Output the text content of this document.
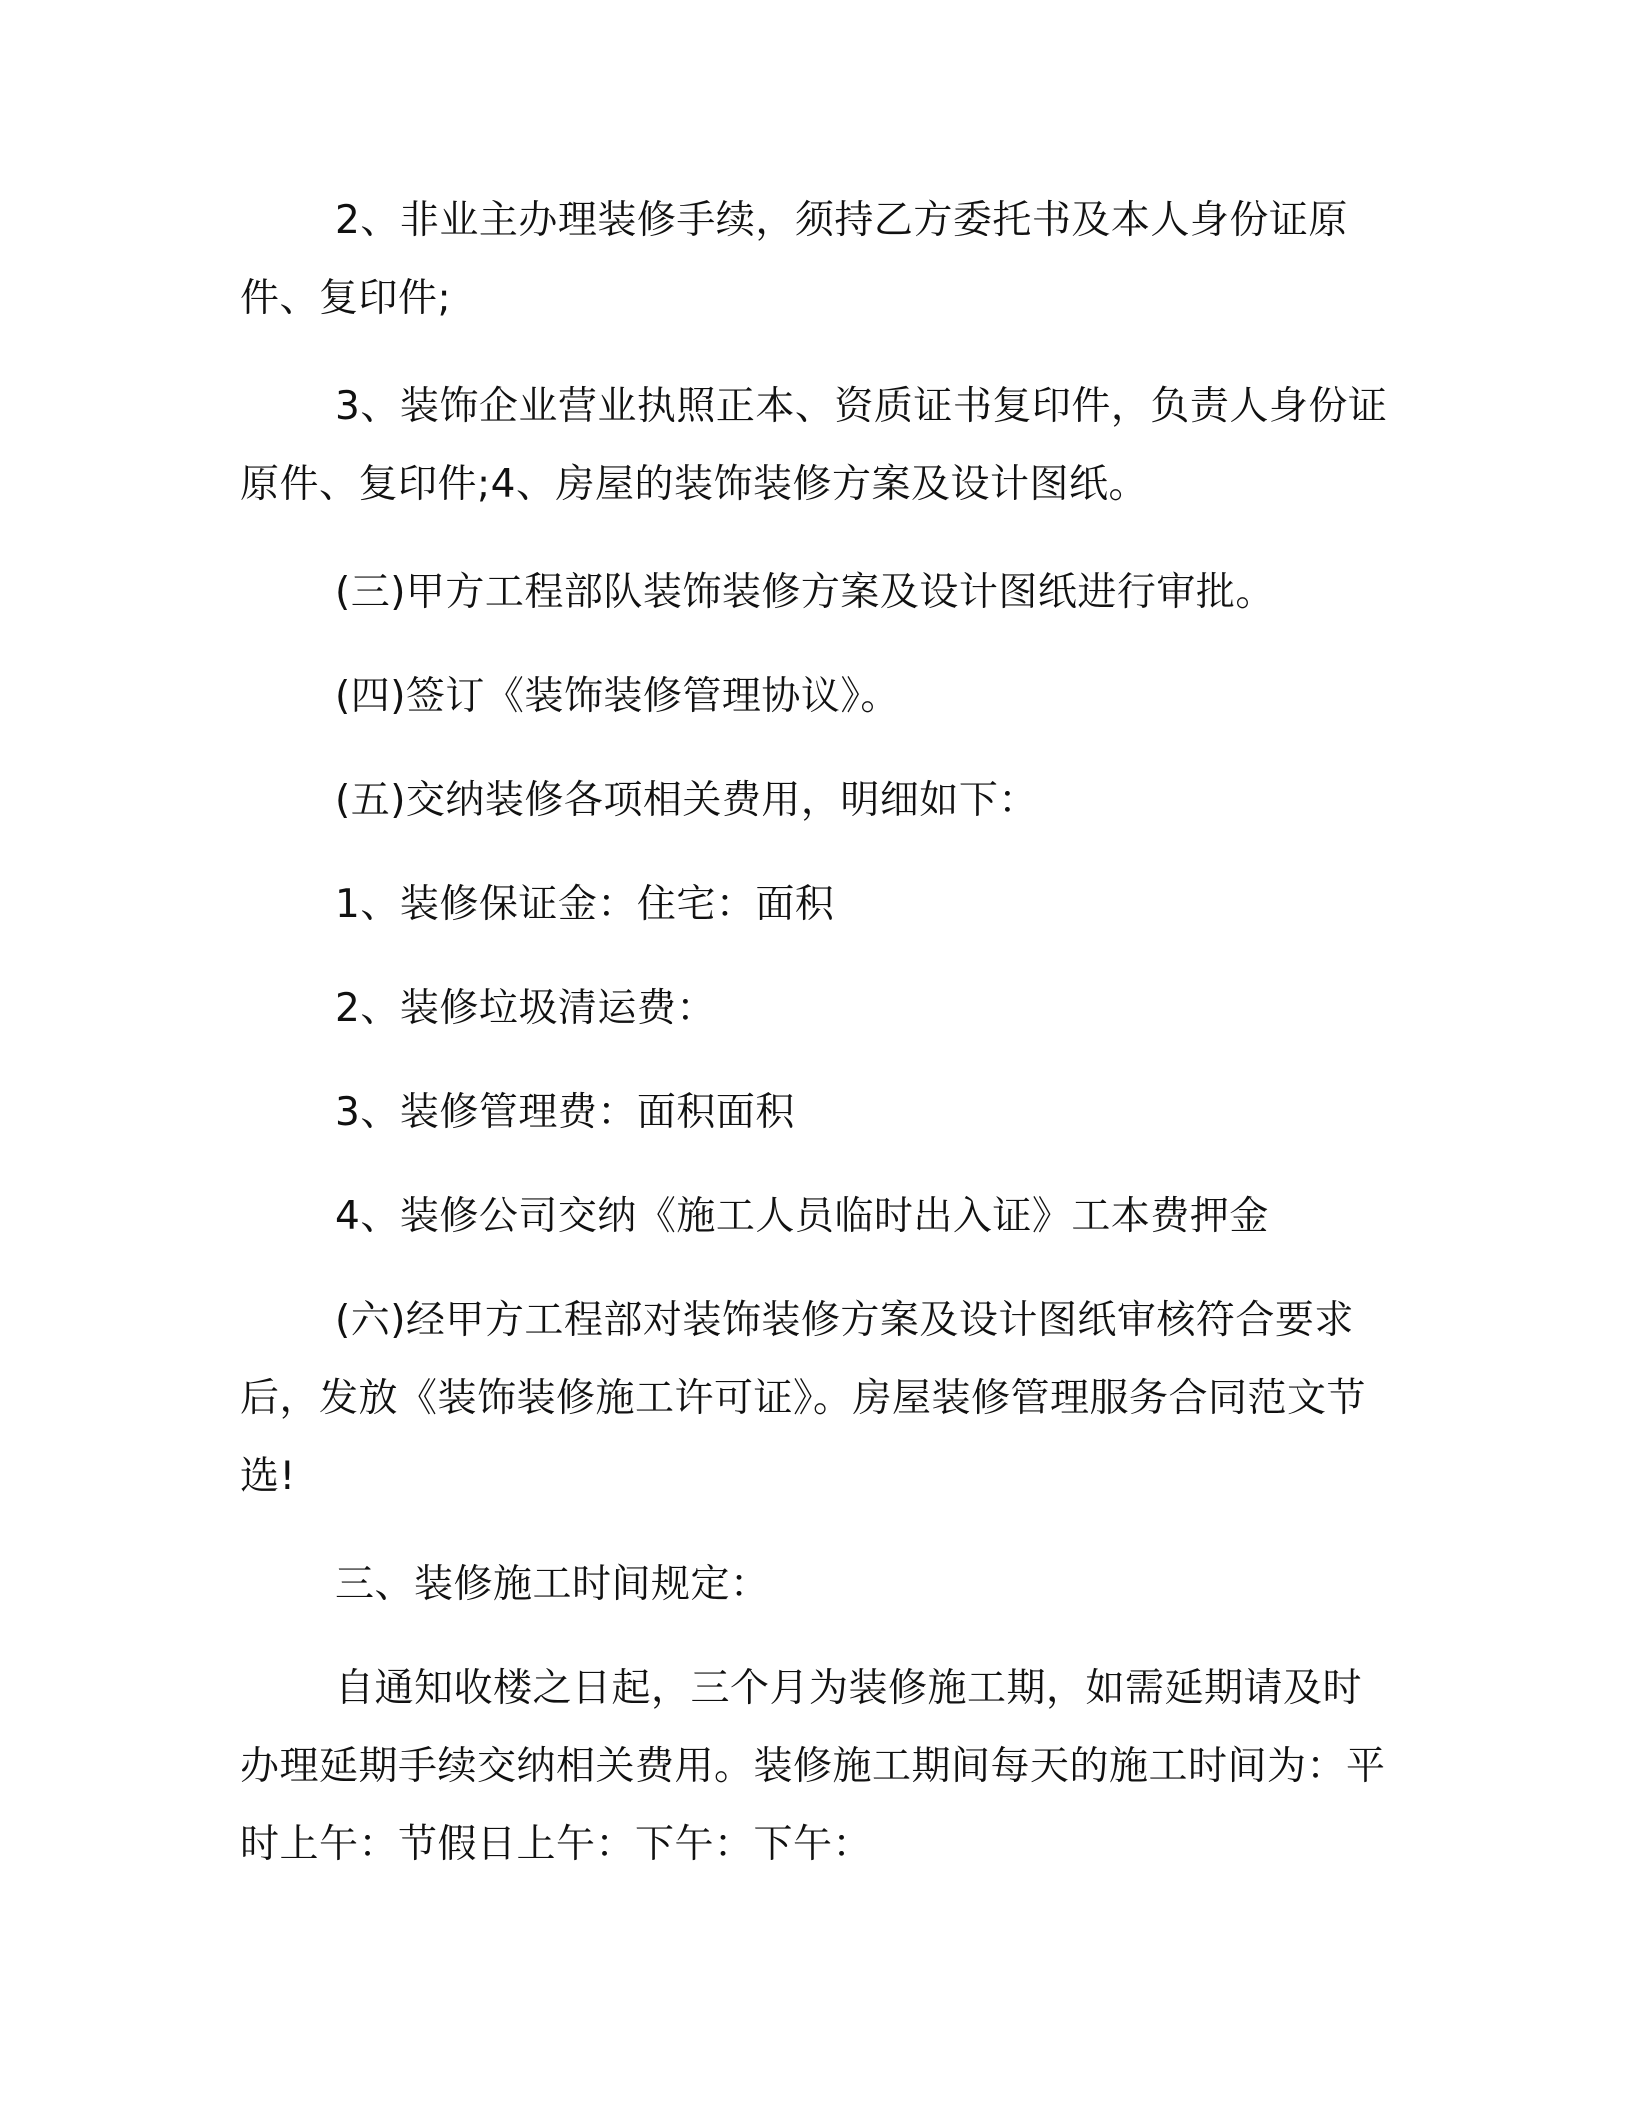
2、非业主办理装修手续，须持乙方委托书及本人身份证原件、复印件;

3、装饰企业营业执照正本、资质证书复印件，负责人身份证原件、复印件;4、房屋的装饰装修方案及设计图纸。

(三)甲方工程部队装饰装修方案及设计图纸进行审批。

(四)签订《装饰装修管理协议》。

(五)交纳装修各项相关费用，明细如下：

1、装修保证金：住宅：面积

2、装修垃圾清运费：

3、装修管理费：面积面积

4、装修公司交纳《施工人员临时出入证》工本费押金

(六)经甲方工程部对装饰装修方案及设计图纸审核符合要求后，发放《装饰装修施工许可证》。房屋装修管理服务合同范文节选!

三、装修施工时间规定：

自通知收楼之日起，三个月为装修施工期，如需延期请及时办理延期手续交纳相关费用。装修施工期间每天的施工时间为：平时上午：节假日上午：下午：下午：
